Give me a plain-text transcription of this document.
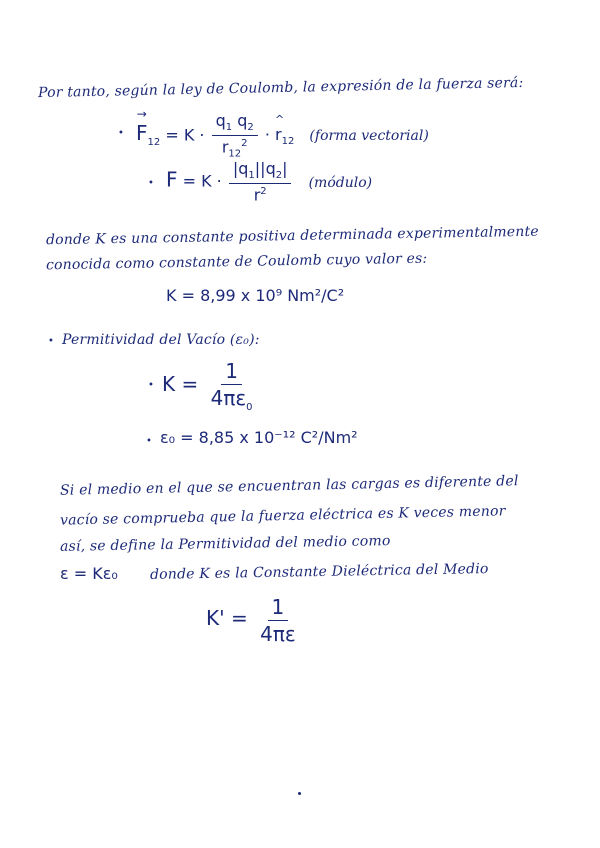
Por tanto, según la ley de Coulomb, la expresión de la fuerza será:
•
→ $F_{12} = K \cdot \frac{q_1 q_2}{r_{12}^2}$ · ^ $r_{12}$ (forma vectorial)
• $F = K \cdot \frac{|q_1||q_2|}{r^2}$ (módulo)
donde K es una constante positiva determinada experimentalmente
conocida como constante de Coulomb cuyo valor es:
K = 8,99 x 10⁹ Nm²/C²
• Permitividad del Vacío (ε₀):
• $K = \frac{1}{4\pi\varepsilon_0}$
• ε₀ = 8,85 x 10⁻¹² C²/Nm²
Si el medio en el que se encuentran las cargas es diferente del
vacío se comprueba que la fuerza eléctrica es K veces menor
así, se define la Permitividad del medio como
ε = Kε₀ donde K es la Constante Dieléctrica del Medio
$K' = \frac{1}{4\pi\varepsilon}$
